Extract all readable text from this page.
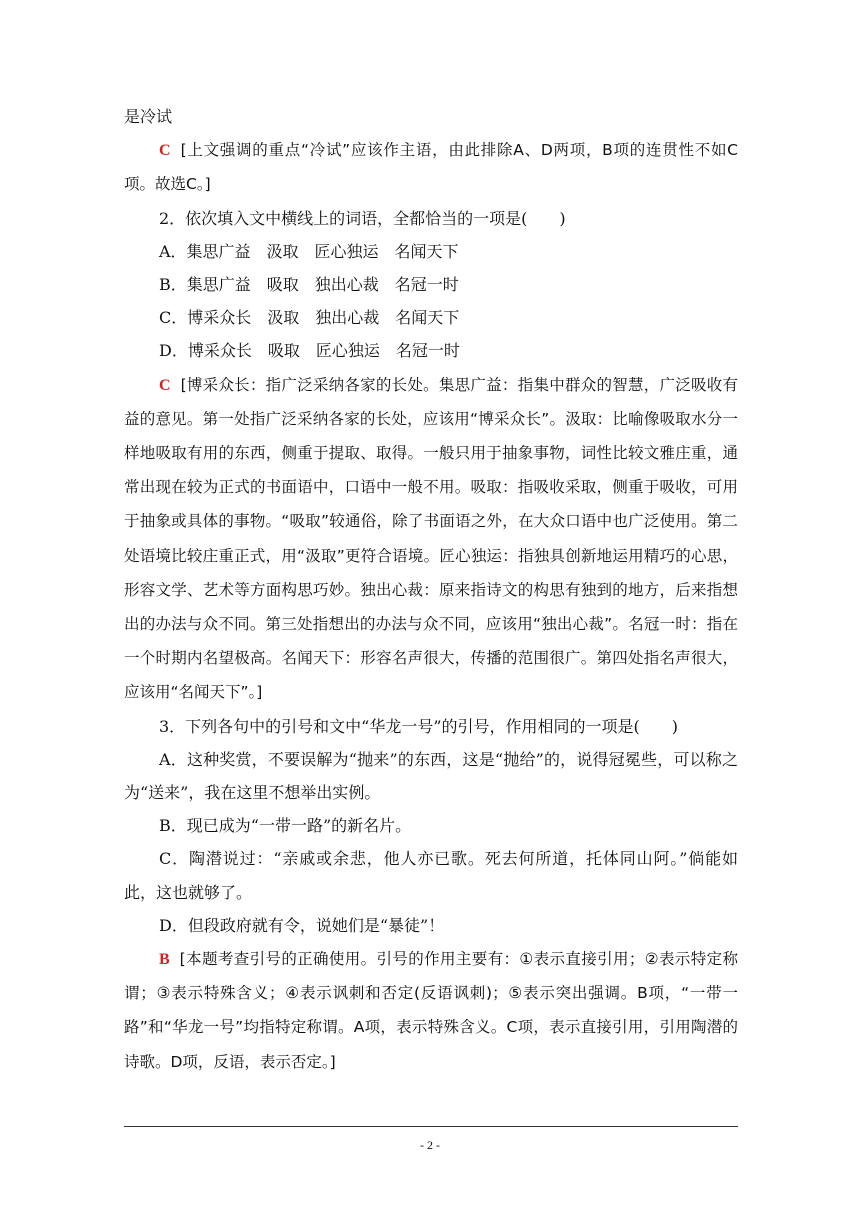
是冷试

C [上文强调的重点“冷试”应该作主语，由此排除A、D两项，B项的连贯性不如C项。故选C。]

2．依次填入文中横线上的词语，全都恰当的一项是(　　)

A．集思广益　汲取　匠心独运　名闻天下

B．集思广益　吸取　独出心裁　名冠一时

C．博采众长　汲取　独出心裁　名闻天下

D．博采众长　吸取　匠心独运　名冠一时

C [博采众长：指广泛采纳各家的长处。集思广益：指集中群众的智慧，广泛吸收有益的意见。第一处指广泛采纳各家的长处，应该用“博采众长”。汲取：比喻像吸取水分一样地吸取有用的东西，侧重于提取、取得。一般只用于抽象事物，词性比较文雅庄重，通常出现在较为正式的书面语中，口语中一般不用。吸取：指吸收采取，侧重于吸收，可用于抽象或具体的事物。“吸取”较通俗，除了书面语之外，在大众口语中也广泛使用。第二处语境比较庄重正式，用“汲取”更符合语境。匠心独运：指独具创新地运用精巧的心思，形容文学、艺术等方面构思巧妙。独出心裁：原来指诗文的构思有独到的地方，后来指想出的办法与众不同。第三处指想出的办法与众不同，应该用“独出心裁”。名冠一时：指在一个时期内名望极高。名闻天下：形容名声很大，传播的范围很广。第四处指名声很大，应该用“名闻天下”。]

3．下列各句中的引号和文中“华龙一号”的引号，作用相同的一项是(　　)

A．这种奖赏，不要误解为“抛来”的东西，这是“抛给”的，说得冠冕些，可以称之为“送来”，我在这里不想举出实例。

B．现已成为“一带一路”的新名片。

C．陶潜说过：“亲戚或余悲，他人亦已歌。死去何所道，托体同山阿。”倘能如此，这也就够了。

D．但段政府就有令，说她们是“暴徒”！

B [本题考查引号的正确使用。引号的作用主要有：①表示直接引用；②表示特定称谓；③表示特殊含义；④表示讽刺和否定(反语讽刺)；⑤表示突出强调。B项，“一带一路”和“华龙一号”均指特定称谓。A项，表示特殊含义。C项，表示直接引用，引用陶潜的诗歌。D项，反语，表示否定。]

- 2 -
